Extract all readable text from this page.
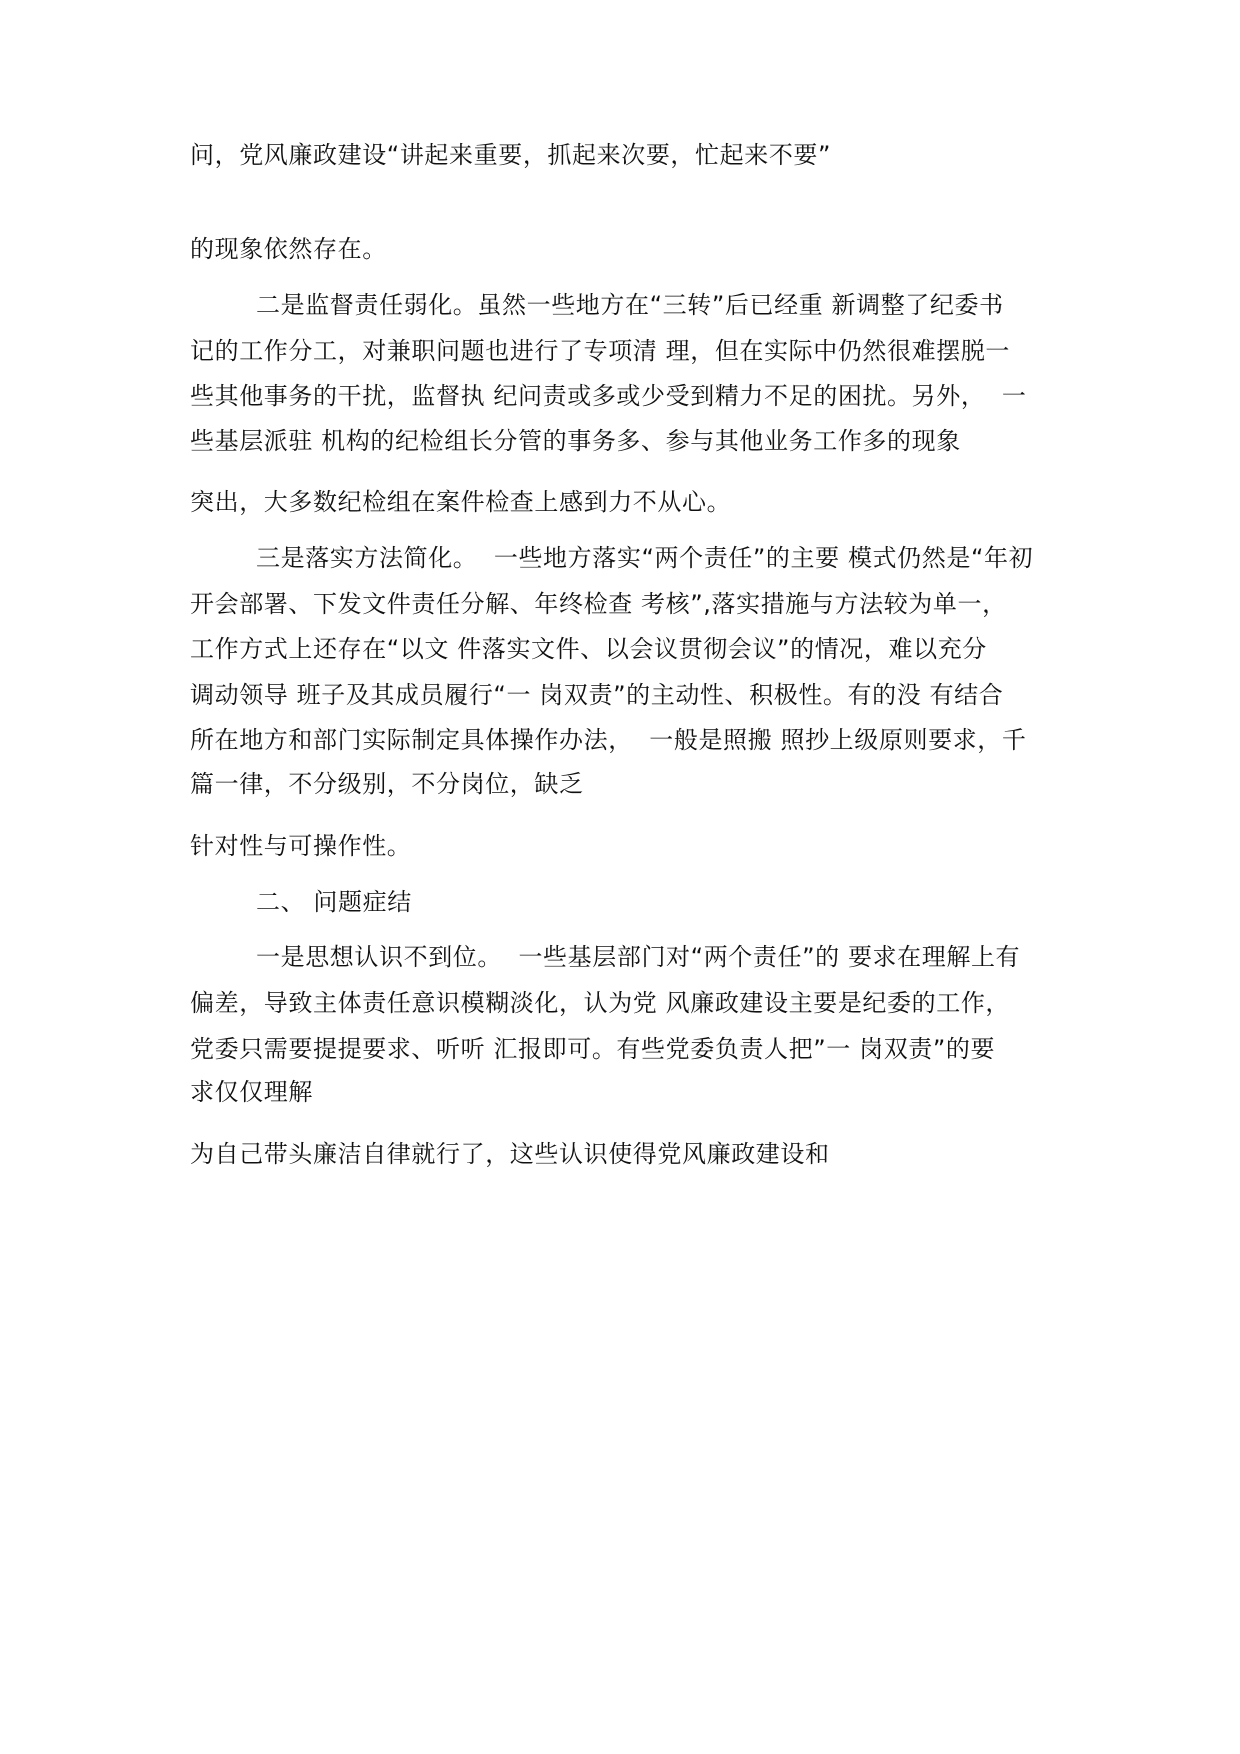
问，党风廉政建设“讲起来重要，抓起来次要，忙起来不要”
的现象依然存在。
二是监督责任弱化。虽然一些地方在“三转”后已经重 新调整了纪委书
记的工作分工，对兼职问题也进行了专项清 理，但在实际中仍然很难摆脱一
些其他事务的干扰，监督执 纪问责或多或少受到精力不足的困扰。另外，  一
些基层派驻 机构的纪检组长分管的事务多、参与其他业务工作多的现象
突出，大多数纪检组在案件检查上感到力不从心。
三是落实方法简化。  一些地方落实“两个责任”的主要 模式仍然是“年初
开会部署、下发文件责任分解、年终检查 考核”,落实措施与方法较为单一，
工作方式上还存在“以文 件落实文件、以会议贯彻会议”的情况，难以充分
调动领导 班子及其成员履行“一 岗双责”的主动性、积极性。有的没 有结合
所在地方和部门实际制定具体操作办法，  一般是照搬 照抄上级原则要求，千
篇一律，不分级别，不分岗位，缺乏
针对性与可操作性。
二、 问题症结
一是思想认识不到位。  一些基层部门对“两个责任”的 要求在理解上有
偏差，导致主体责任意识模糊淡化，认为党 风廉政建设主要是纪委的工作，
党委只需要提提要求、听听 汇报即可。有些党委负责人把”一 岗双责”的要
求仅仅理解
为自己带头廉洁自律就行了，这些认识使得党风廉政建设和
